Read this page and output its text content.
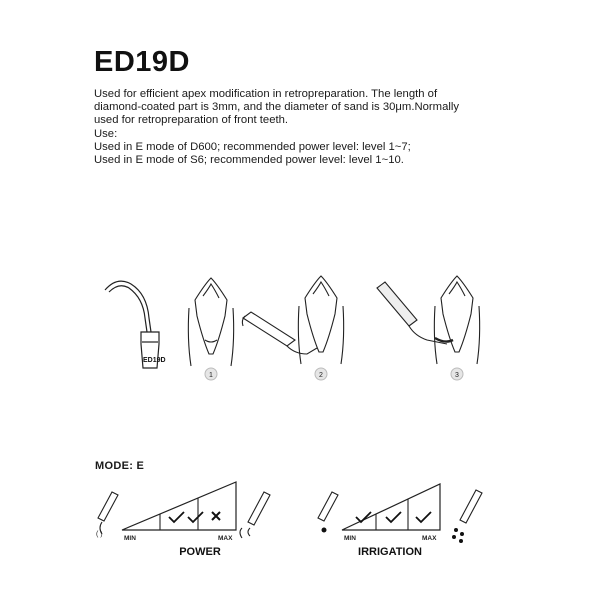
ED19D
Used for efficient apex modification in retropreparation. The length of
diamond-coated part is 3mm, and the diameter of sand is 30μm.Normally
used for retropreparation of front teeth.
Use:
Used in E mode of D600; recommended power level: level 1~7;
Used in E mode of S6; recommended power level: level 1~10.
ED19D
1	2	3
MODE: E
( )
MIN	MAX
POWER
MIN	MAX
IRRIGATION
